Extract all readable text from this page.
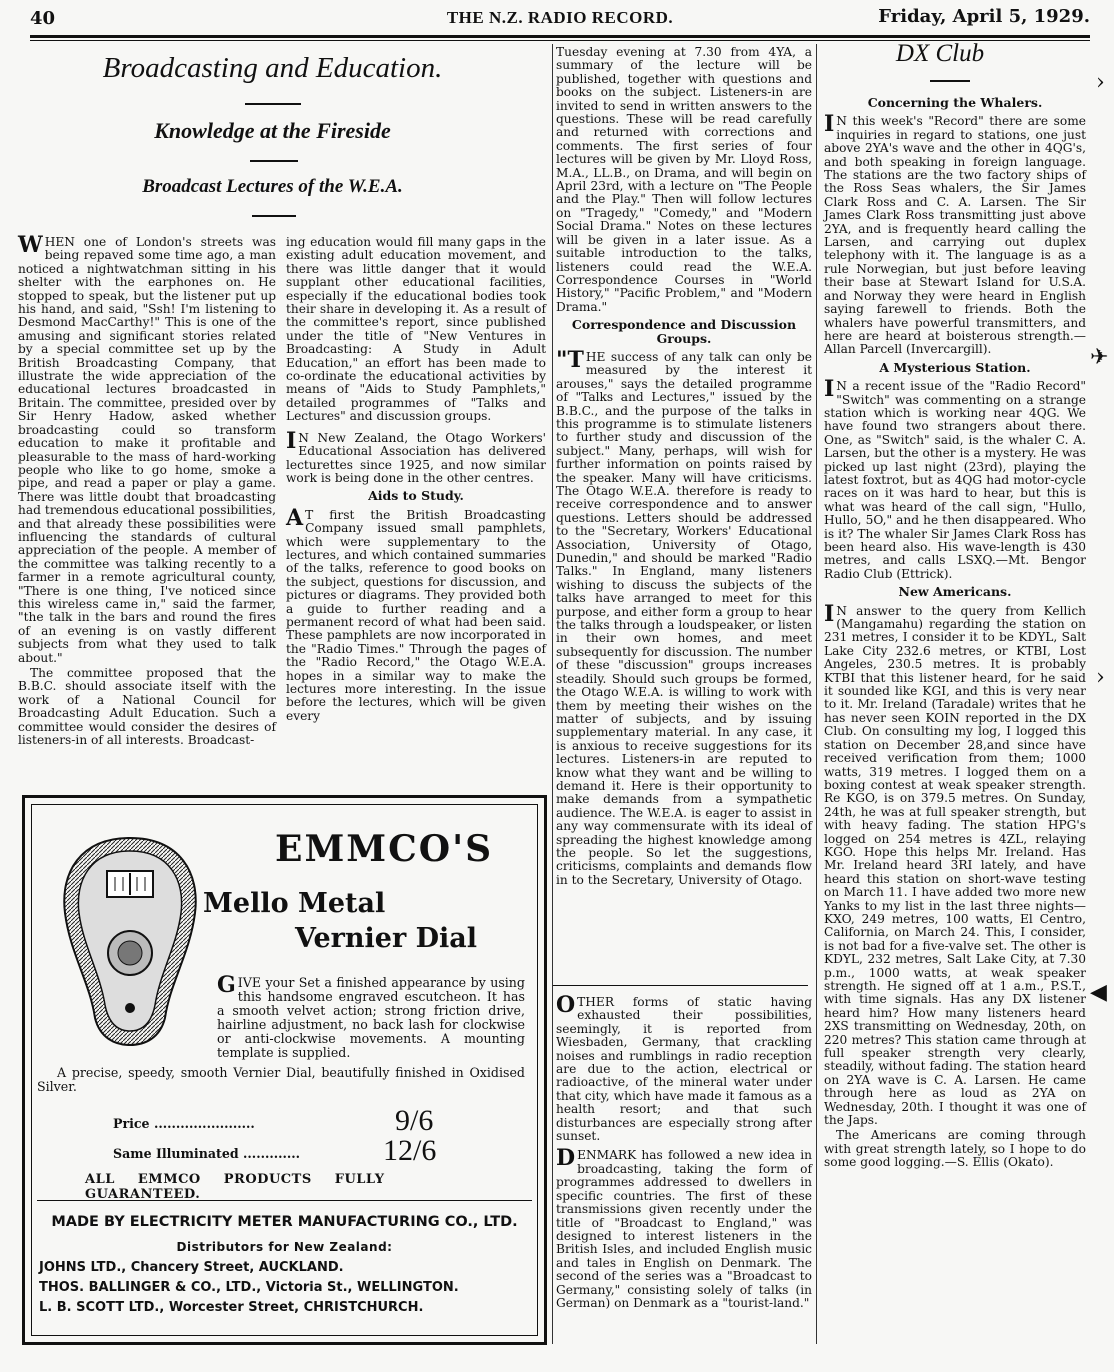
40	THE N.Z. RADIO RECORD.	Friday, April 5, 1929.
Broadcasting and Education.
Knowledge at the Fireside
Broadcast Lectures of the W.E.A.

WHEN one of London's streets was being repaved some time ago, a man noticed a nightwatchman sitting in his shelter with the earphones on. He stopped to speak, but the listener put up his hand, and said, "Ssh! I'm listening to Desmond MacCarthy!" This is one of the amusing and significant stories related by a special committee set up by the British Broadcasting Company, that illustrate the wide appreciation of the educational lectures broadcasted in Britain. The committee, presided over by Sir Henry Hadow, asked whether broadcasting could so transform education to make it profitable and pleasurable to the mass of hard-working people who like to go home, smoke a pipe, and read a paper or play a game. There was little doubt that broadcasting had tremendous educational possibilities, and that already these possibilities were influencing the standards of cultural appreciation of the people. A member of the committee was talking recently to a farmer in a remote agricultural county, "There is one thing, I've noticed since this wireless came in," said the farmer, "the talk in the bars and round the fires of an evening is on vastly different subjects from what they used to talk about."

The committee proposed that the B.B.C. should associate itself with the work of a National Council for Broadcasting Adult Education. Such a committee would consider the desires of listeners-in of all interests. Broadcast-

ing education would fill many gaps in the existing adult education movement, and there was little danger that it would supplant other educational facilities, especially if the educational bodies took their share in developing it. As a result of the committee's report, since published under the title of "New Ventures in Broadcasting: A Study in Adult Education," an effort has been made to co-ordinate the educational activities by means of "Aids to Study Pamphlets," detailed programmes of "Talks and Lectures" and discussion groups.

IN New Zealand, the Otago Workers' Educational Association has delivered lecturettes since 1925, and now similar work is being done in the other centres.

Aids to Study.

AT first the British Broadcasting Company issued small pamphlets, which were supplementary to the lectures, and which contained summaries of the talks, reference to good books on the subject, questions for discussion, and pictures or diagrams. They provided both a guide to further reading and a permanent record of what had been said. These pamphlets are now incorporated in the "Radio Times." Through the pages of the "Radio Record," the Otago W.E.A. hopes in a similar way to make the lectures more interesting. In the issue before the lectures, which will be given every

Tuesday evening at 7.30 from 4YA, a summary of the lecture will be published, together with questions and books on the subject. Listeners-in are invited to send in written answers to the questions. These will be read carefully and returned with corrections and comments. The first series of four lectures will be given by Mr. Lloyd Ross, M.A., LL.B., on Drama, and will begin on April 23rd, with a lecture on "The People and the Play." Then will follow lectures on "Tragedy," "Comedy," and "Modern Social Drama." Notes on these lectures will be given in a later issue. As a suitable introduction to the talks, listeners could read the W.E.A. Correspondence Courses in "World History," "Pacific Problem," and "Modern Drama."

Correspondence and Discussion Groups.

"THE success of any talk can only be measured by the interest it arouses," says the detailed programme of "Talks and Lectures," issued by the B.B.C., and the purpose of the talks in this programme is to stimulate listeners to further study and discussion of the subject." Many, perhaps, will wish for further information on points raised by the speaker. Many will have criticisms. The Otago W.E.A. therefore is ready to receive correspondence and to answer questions. Letters should be addressed to the "Secretary, Workers' Educational Association, University of Otago, Dunedin," and should be marked "Radio Talks." In England, many listeners wishing to discuss the subjects of the talks have arranged to meet for this purpose, and either form a group to hear the talks through a loudspeaker, or listen in their own homes, and meet subsequently for discussion. The number of these "discussion" groups increases steadily. Should such groups be formed, the Otago W.E.A. is willing to work with them by meeting their wishes on the matter of subjects, and by issuing supplementary material. In any case, it is anxious to receive suggestions for its lectures. Listeners-in are reputed to know what they want and be willing to demand it. Here is their opportunity to make demands from a sympathetic audience. The W.E.A. is eager to assist in any way commensurate with its ideal of spreading the highest knowledge among the people. So let the suggestions, criticisms, complaints and demands flow in to the Secretary, University of Otago.

OTHER forms of static having exhausted their possibilities, seemingly, it is reported from Wiesbaden, Germany, that crackling noises and rumblings in radio reception are due to the action, electrical or radioactive, of the mineral water under that city, which have made it famous as a health resort; and that such disturbances are especially strong after sunset.

DENMARK has followed a new idea in broadcasting, taking the form of programmes addressed to dwellers in specific countries. The first of these transmissions given recently under the title of "Broadcast to England," was designed to interest listeners in the British Isles, and included English music and tales in English on Denmark. The second of the series was a "Broadcast to Germany," consisting solely of talks (in German) on Denmark as a "tourist-land."

DX Club
Concerning the Whalers.

IN this week's "Record" there are some inquiries in regard to stations, one just above 2YA's wave and the other in 4QG's, and both speaking in foreign language. The stations are the two factory ships of the Ross Seas whalers, the Sir James Clark Ross and C. A. Larsen. The Sir James Clark Ross transmitting just above 2YA, and is frequently heard calling the Larsen, and carrying out duplex telephony with it. The language is as a rule Norwegian, but just before leaving their base at Stewart Island for U.S.A. and Norway they were heard in English saying farewell to friends. Both the whalers have powerful transmitters, and here are heard at boisterous strength.—Allan Parcell (Invercargill).

A Mysterious Station.

IN a recent issue of the "Radio Record" "Switch" was commenting on a strange station which is working near 4QG. We have found two strangers about there. One, as "Switch" said, is the whaler C. A. Larsen, but the other is a mystery. He was picked up last night (23rd), playing the latest foxtrot, but as 4QG had motor-cycle races on it was hard to hear, but this is what was heard of the call sign, "Hullo, Hullo, 5O," and he then disappeared. Who is it? The whaler Sir James Clark Ross has been heard also. His wave-length is 430 metres, and calls LSXQ.—Mt. Bengor Radio Club (Ettrick).

New Americans.

IN answer to the query from Kellich (Mangamahu) regarding the station on 231 metres, I consider it to be KDYL, Salt Lake City 232.6 metres, or KTBI, Lost Angeles, 230.5 metres. It is probably KTBI that this listener heard, for he said it sounded like KGI, and this is very near to it. Mr. Ireland (Taradale) writes that he has never seen KOIN reported in the DX Club. On consulting my log, I logged this station on December 28,and since have received verification from them; 1000 watts, 319 metres. I logged them on a boxing contest at weak speaker strength. Re KGO, is on 379.5 metres. On Sunday, 24th, he was at full speaker strength, but with heavy fading. The station HPG's logged on 254 metres is 4ZL, relaying KGO. Hope this helps Mr. Ireland. Has Mr. Ireland heard 3RI lately, and have heard this station on short-wave testing on March 11. I have added two more new Yanks to my list in the last three nights—KXO, 249 metres, 100 watts, El Centro, California, on March 24. This, I consider, is not bad for a five-valve set. The other is KDYL, 232 metres, Salt Lake City, at 7.30 p.m., 1000 watts, at weak speaker strength. He signed off at 1 a.m., P.S.T., with time signals. Has any DX listener heard him? How many listeners heard 2XS transmitting on Wednesday, 20th, on 220 metres? This station came through at full speaker strength very clearly, steadily, without fading. The station heard on 2YA wave is C. A. Larsen. He came through here as loud as 2YA on Wednesday, 20th. I thought it was one of the Japs.

The Americans are coming through with great strength lately, so I hope to do some good logging.—S. Ellis (Okato).

EMMCO'S
Mello Metal
Vernier Dial
GIVE your Set a finished appearance by using this handsome engraved escutcheon. It has a smooth velvet action; strong friction drive, hairline adjustment, no back lash for clockwise or anti-clockwise movements. A mounting template is supplied.
A precise, speedy, smooth Vernier Dial, beautifully finished in Oxidised Silver.
Price .......................	9/6
Same Illuminated .............	12/6
ALL EMMCO PRODUCTS FULLY GUARANTEED.
MADE BY ELECTRICITY METER MANUFACTURING CO., LTD.
Distributors for New Zealand:
JOHNS LTD., Chancery Street, AUCKLAND.
THOS. BALLINGER & CO., LTD., Victoria St., WELLINGTON.
L. B. SCOTT LTD., Worcester Street, CHRISTCHURCH.
›
✈
›
◀
